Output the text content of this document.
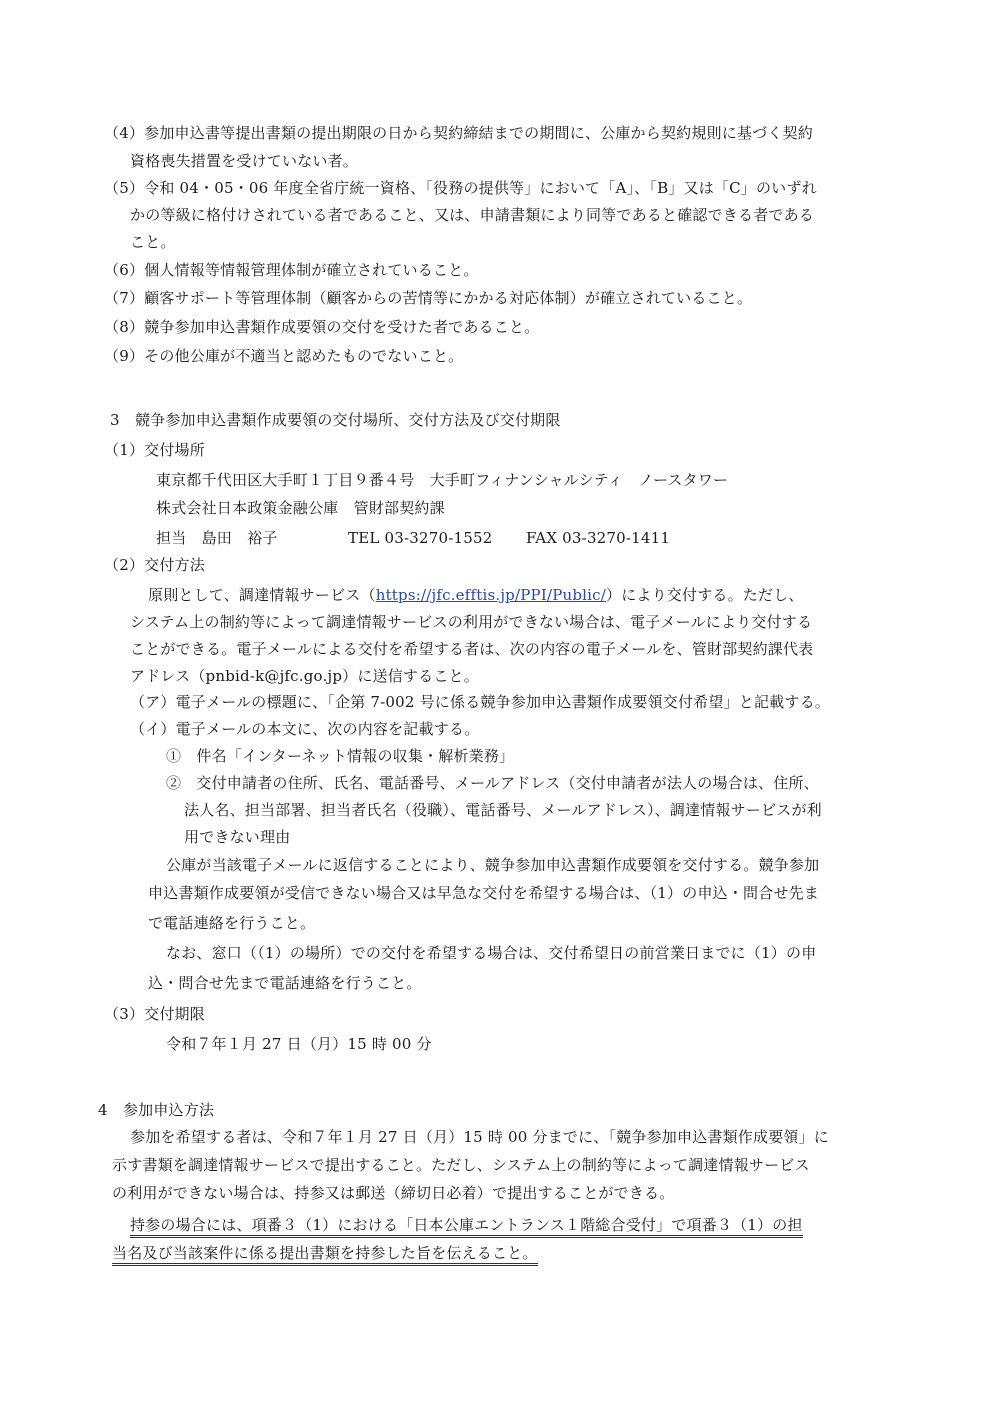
（4）参加申込書等提出書類の提出期限の日から契約締結までの期間に、公庫から契約規則に基づく契約
資格喪失措置を受けていない者。
（5）令和 04・05・06 年度全省庁統一資格、「役務の提供等」において「A」、「B」又は「C」のいずれ
かの等級に格付けされている者であること、又は、申請書類により同等であると確認できる者である
こと。
（6）個人情報等情報管理体制が確立されていること。
（7）顧客サポート等管理体制（顧客からの苦情等にかかる対応体制）が確立されていること。
（8）競争参加申込書類作成要領の交付を受けた者であること。
（9）その他公庫が不適当と認めたものでないこと。
3　競争参加申込書類作成要領の交付場所、交付方法及び交付期限
（1）交付場所
東京都千代田区大手町１丁目９番４号　大手町フィナンシャルシティ　ノースタワー
株式会社日本政策金融公庫　管財部契約課
担当　島田　裕子	TEL 03-3270-1552 FAX 03-3270-1411
（2）交付方法
原則として、調達情報サービス（https://jfc.efftis.jp/PPI/Public/）により交付する。ただし、
システム上の制約等によって調達情報サービスの利用ができない場合は、電子メールにより交付する
ことができる。電子メールによる交付を希望する者は、次の内容の電子メールを、管財部契約課代表
アドレス（pnbid-k@jfc.go.jp）に送信すること。
（ア）電子メールの標題に、「企第 7-002 号に係る競争参加申込書類作成要領交付希望」と記載する。
（イ）電子メールの本文に、次の内容を記載する。
①　件名「インターネット情報の収集・解析業務」
②　交付申請者の住所、氏名、電話番号、メールアドレス（交付申請者が法人の場合は、住所、
法人名、担当部署、担当者氏名（役職）、電話番号、メールアドレス）、調達情報サービスが利
用できない理由
公庫が当該電子メールに返信することにより、競争参加申込書類作成要領を交付する。競争参加
申込書類作成要領が受信できない場合又は早急な交付を希望する場合は、（1）の申込・問合せ先ま
で電話連絡を行うこと。
なお、窓口（（1）の場所）での交付を希望する場合は、交付希望日の前営業日までに（1）の申
込・問合せ先まで電話連絡を行うこと。
（3）交付期限
令和７年１月 27 日（月）15 時 00 分
4　参加申込方法
参加を希望する者は、令和７年１月 27 日（月）15 時 00 分までに、「競争参加申込書類作成要領」に
示す書類を調達情報サービスで提出すること。ただし、システム上の制約等によって調達情報サービス
の利用ができない場合は、持参又は郵送（締切日必着）で提出することができる。
持参の場合には、項番３（1）における「日本公庫エントランス１階総合受付」で項番３（1）の担
当名及び当該案件に係る提出書類を持参した旨を伝えること。
